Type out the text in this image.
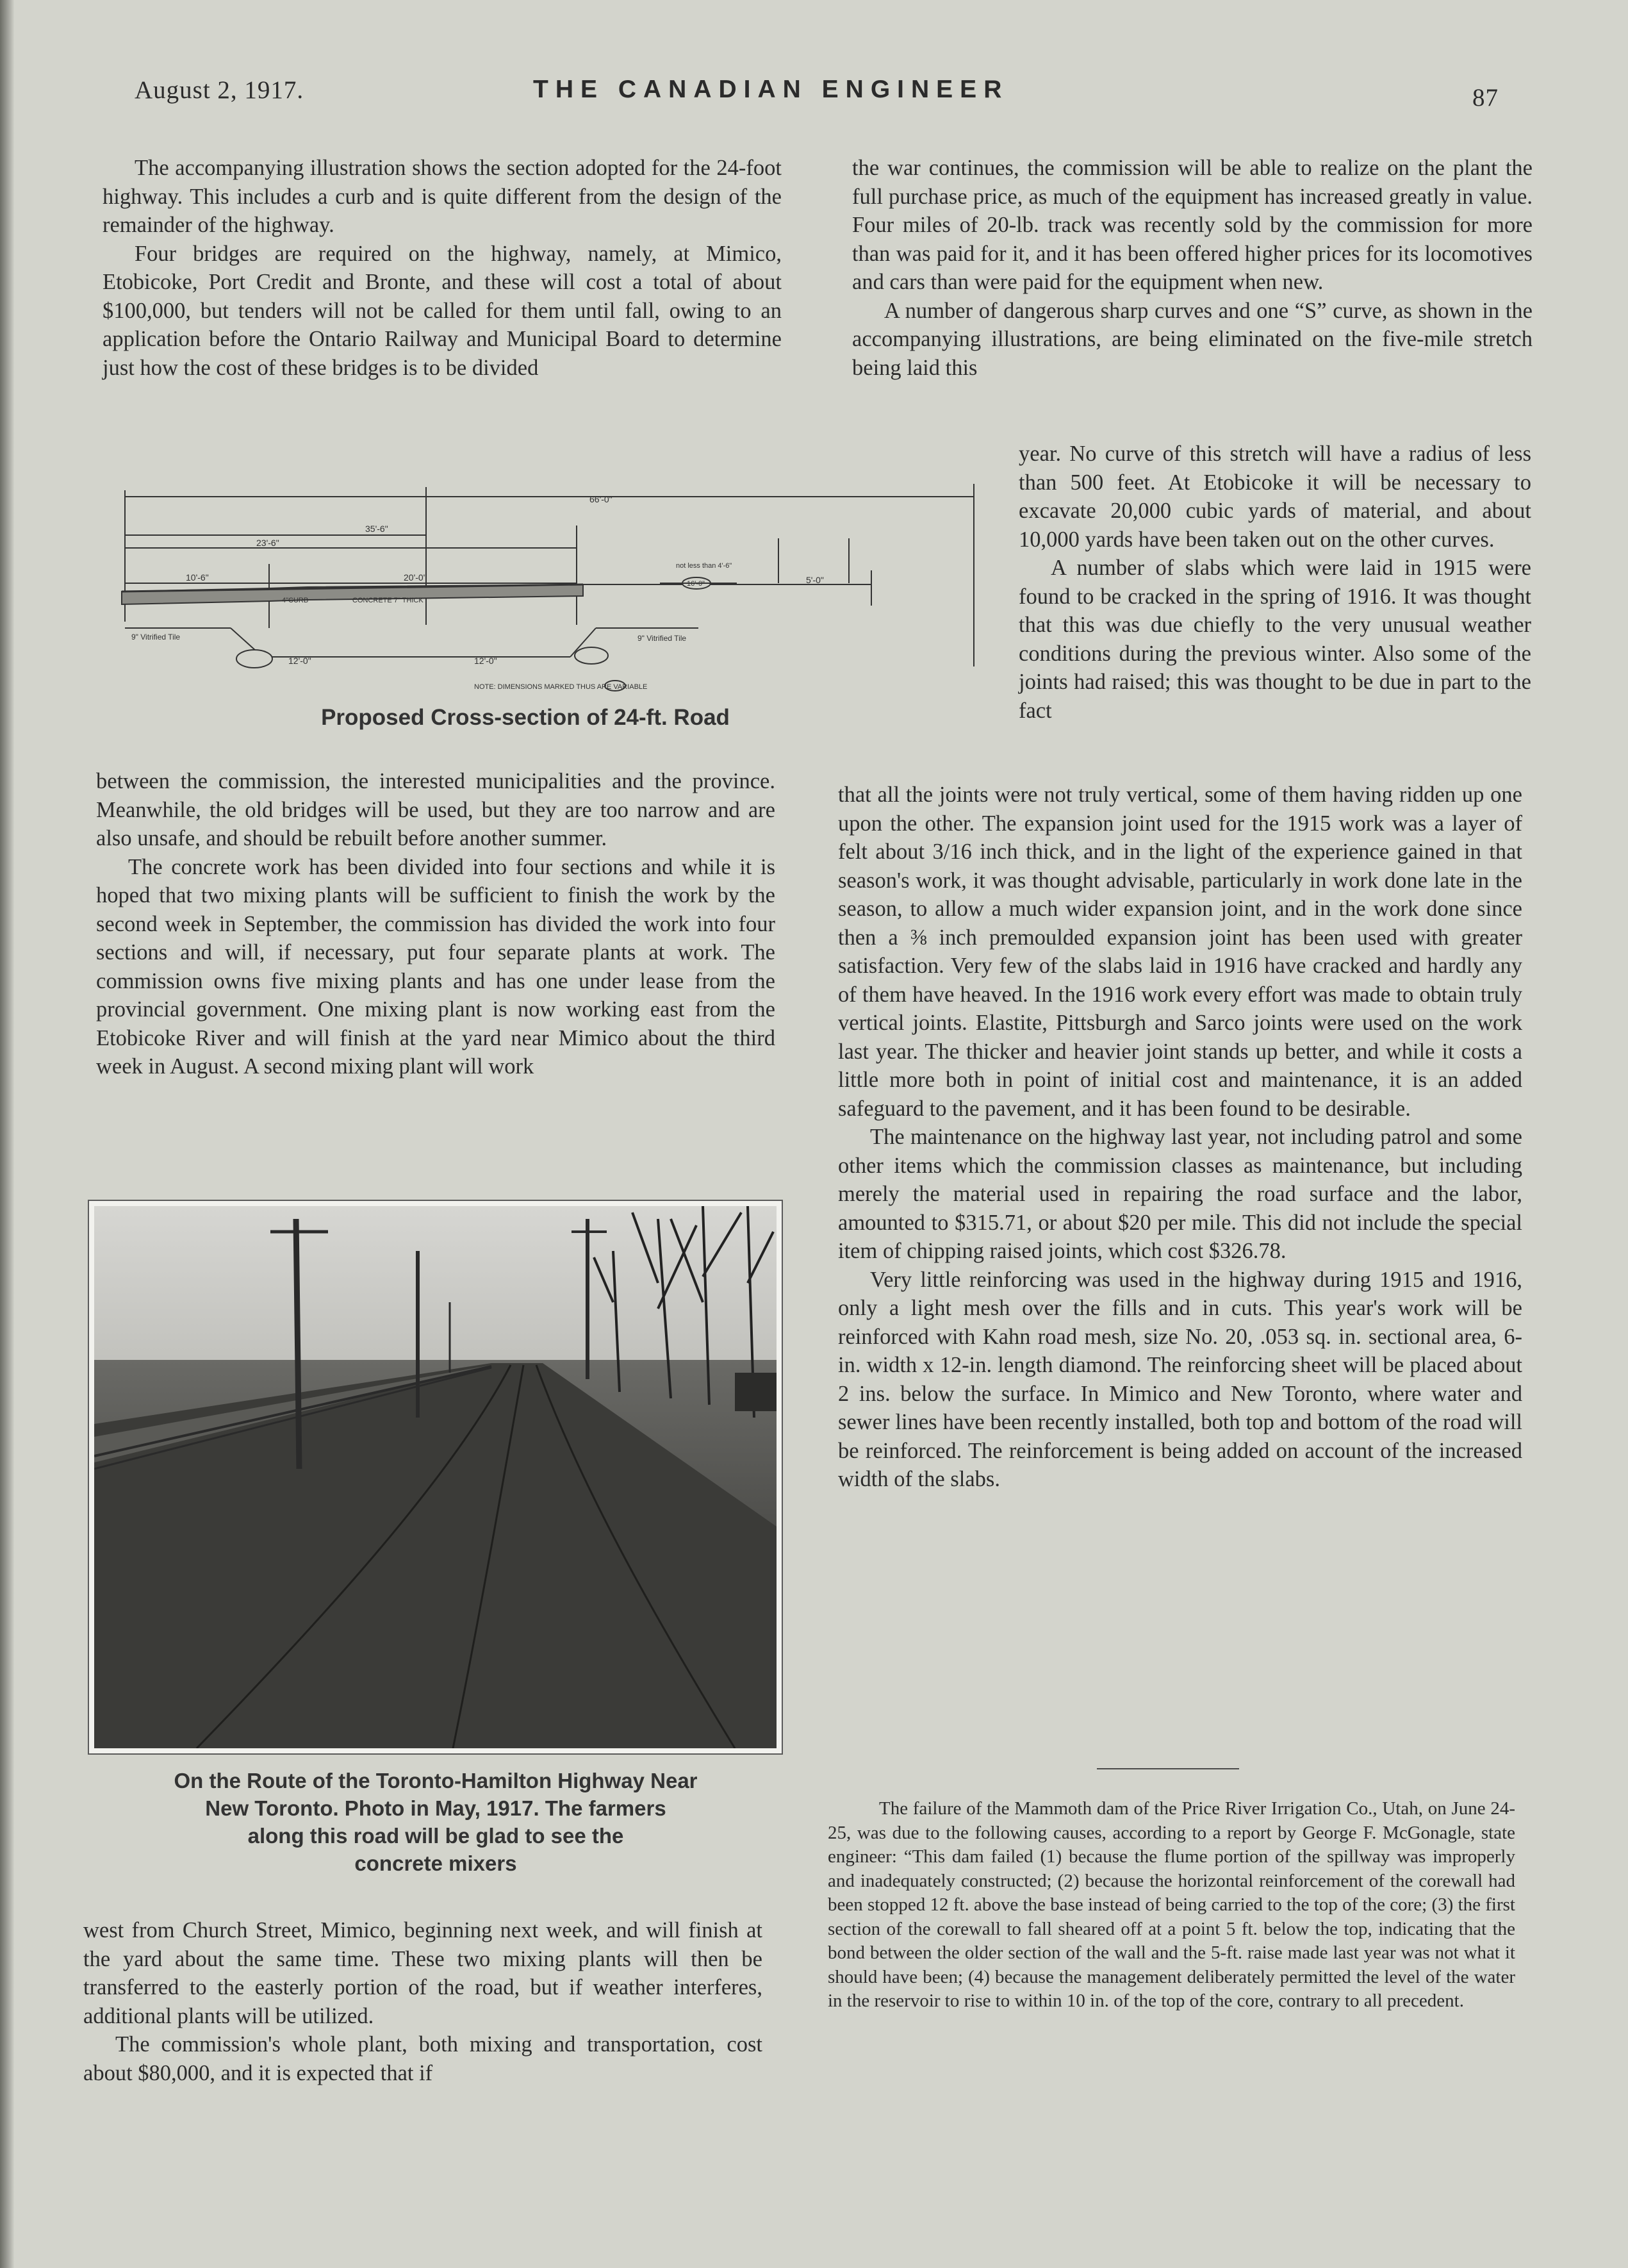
August 2, 1917.	THE CANADIAN ENGINEER	87

The accompanying illustration shows the section adopted for the 24-foot highway. This includes a curb and is quite different from the design of the remainder of the highway.

Four bridges are required on the highway, namely, at Mimico, Etobicoke, Port Credit and Bronte, and these will cost a total of about $100,000, but tenders will not be called for them until fall, owing to an application before the Ontario Railway and Municipal Board to determine just how the cost of these bridges is to be divided

66'-0"
35'-6"
23'-6"
20'-0"
10'-6"
12'-0"	12'-0"
5'-0"
16'-0"
not less than 4'-6"
CONCRETE 7" THICK
4"CURB
9" Vitrified Tile	9" Vitrified Tile
NOTE: DIMENSIONS MARKED THUS ARE VARIABLE
Proposed Cross-section of 24-ft. Road

between the commission, the interested municipalities and the province. Meanwhile, the old bridges will be used, but they are too narrow and are also unsafe, and should be rebuilt before another summer.

The concrete work has been divided into four sections and while it is hoped that two mixing plants will be sufficient to finish the work by the second week in September, the commission has divided the work into four sections and will, if necessary, put four separate plants at work. The commission owns five mixing plants and has one under lease from the provincial government. One mixing plant is now working east from the Etobicoke River and will finish at the yard near Mimico about the third week in August. A second mixing plant will work

On the Route of the Toronto-Hamilton Highway Near
New Toronto. Photo in May, 1917. The farmers
along this road will be glad to see the
concrete mixers

west from Church Street, Mimico, beginning next week, and will finish at the yard about the same time. These two mixing plants will then be transferred to the easterly portion of the road, but if weather interferes, additional plants will be utilized.

The commission's whole plant, both mixing and transportation, cost about $80,000, and it is expected that if

the war continues, the commission will be able to realize on the plant the full purchase price, as much of the equipment has increased greatly in value. Four miles of 20-lb. track was recently sold by the commission for more than was paid for it, and it has been offered higher prices for its locomotives and cars than were paid for the equipment when new.

A number of dangerous sharp curves and one “S” curve, as shown in the accompanying illustrations, are being eliminated on the five-mile stretch being laid this

year. No curve of this stretch will have a radius of less than 500 feet. At Etobicoke it will be necessary to excavate 20,000 cubic yards of material, and about 10,000 yards have been taken out on the other curves.

A number of slabs which were laid in 1915 were found to be cracked in the spring of 1916. It was thought that this was due chiefly to the very unusual weather conditions during the previous winter. Also some of the joints had raised; this was thought to be due in part to the fact

that all the joints were not truly vertical, some of them having ridden up one upon the other. The expansion joint used for the 1915 work was a layer of felt about 3/16 inch thick, and in the light of the experience gained in that season's work, it was thought advisable, particularly in work done late in the season, to allow a much wider expansion joint, and in the work done since then a ⅜ inch premoulded expansion joint has been used with greater satisfaction. Very few of the slabs laid in 1916 have cracked and hardly any of them have heaved. In the 1916 work every effort was made to obtain truly vertical joints. Elastite, Pittsburgh and Sarco joints were used on the work last year. The thicker and heavier joint stands up better, and while it costs a little more both in point of initial cost and maintenance, it is an added safeguard to the pavement, and it has been found to be desirable.

The maintenance on the highway last year, not including patrol and some other items which the commission classes as maintenance, but including merely the material used in repairing the road surface and the labor, amounted to $315.71, or about $20 per mile. This did not include the special item of chipping raised joints, which cost $326.78.

Very little reinforcing was used in the highway during 1915 and 1916, only a light mesh over the fills and in cuts. This year's work will be reinforced with Kahn road mesh, size No. 20, .053 sq. in. sectional area, 6-in. width x 12-in. length diamond. The reinforcing sheet will be placed about 2 ins. below the surface. In Mimico and New Toronto, where water and sewer lines have been recently installed, both top and bottom of the road will be reinforced. The reinforcement is being added on account of the increased width of the slabs.

The failure of the Mammoth dam of the Price River Irrigation Co., Utah, on June 24-25, was due to the following causes, according to a report by George F. McGonagle, state engineer: “This dam failed (1) because the flume portion of the spillway was improperly and inadequately constructed; (2) because the horizontal reinforcement of the corewall had been stopped 12 ft. above the base instead of being carried to the top of the core; (3) the first section of the corewall to fall sheared off at a point 5 ft. below the top, indicating that the bond between the older section of the wall and the 5-ft. raise made last year was not what it should have been; (4) because the management deliberately permitted the level of the water in the reservoir to rise to within 10 in. of the top of the core, contrary to all precedent.
